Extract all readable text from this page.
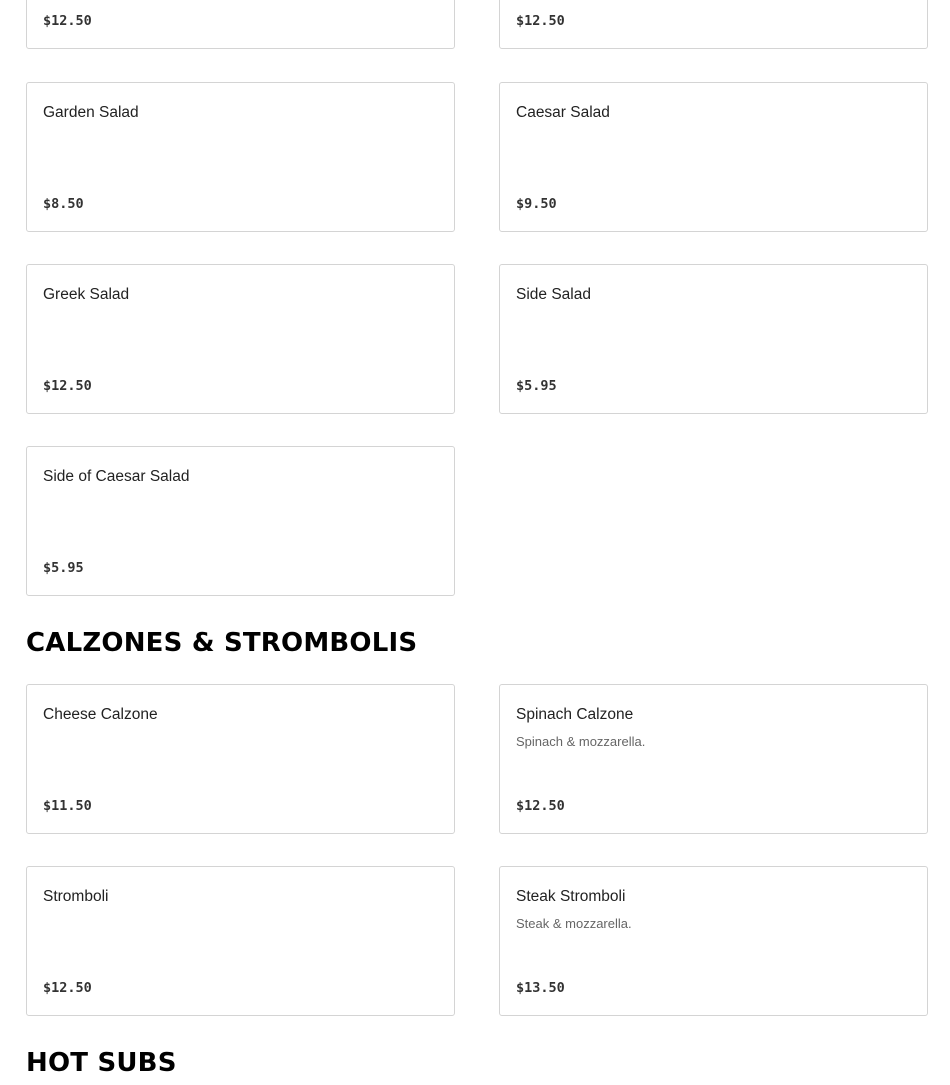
$12.50	$12.50
Garden Salad
$8.50
Caesar Salad
$9.50
Greek Salad
$12.50
Side Salad
$5.95
Side of Caesar Salad
$5.95
CALZONES & STROMBOLIS
Cheese Calzone
$11.50
Spinach Calzone
Spinach & mozzarella.
$12.50
Stromboli
$12.50
Steak Stromboli
Steak & mozzarella.
$13.50
HOT SUBS
